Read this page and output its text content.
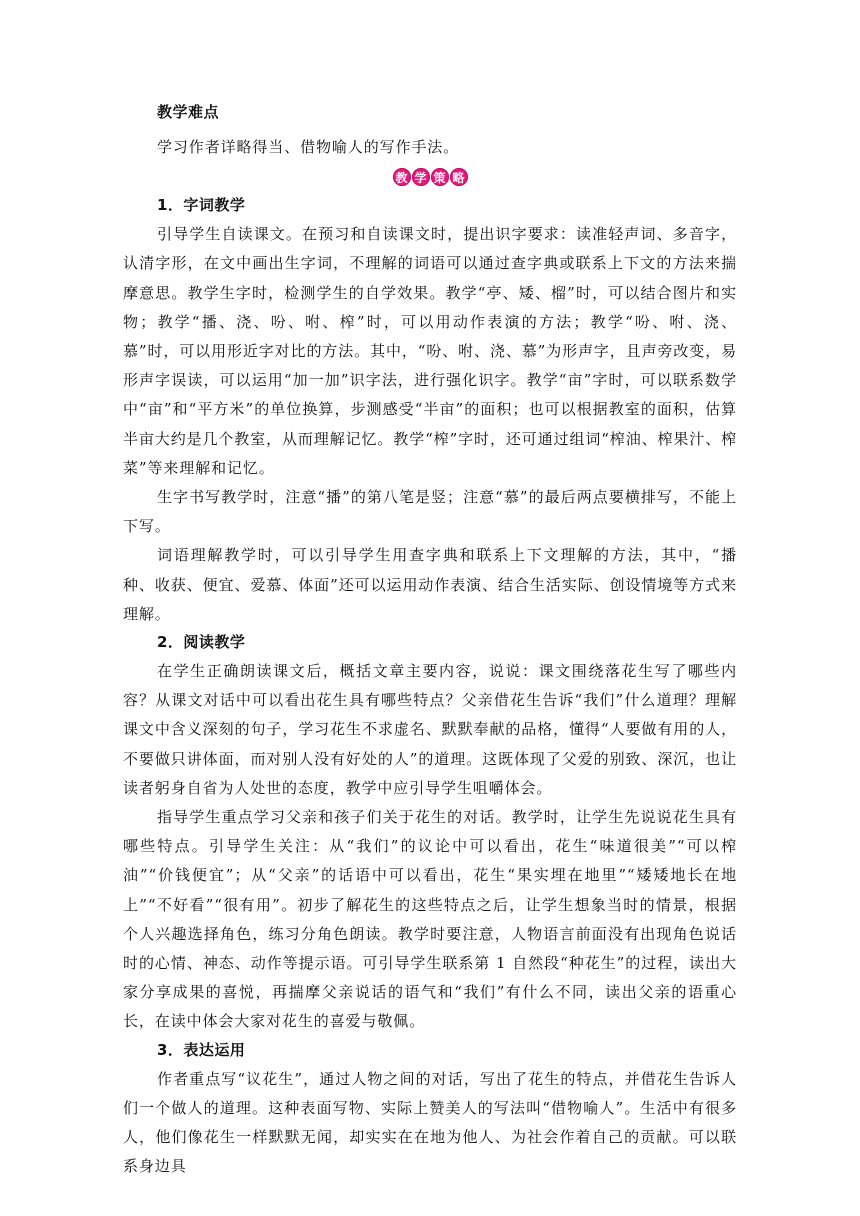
教学难点

学习作者详略得当、借物喻人的写作手法。

教 学 策 略
1．字词教学

引导学生自读课文。在预习和自读课文时，提出识字要求：读准轻声词、多音字，认清字形，在文中画出生字词，不理解的词语可以通过查字典或联系上下文的方法来揣摩意思。教学生字时，检测学生的自学效果。教学“亭、矮、榴”时，可以结合图片和实物；教学“播、浇、吩、咐、榨”时，可以用动作表演的方法；教学“吩、咐、浇、慕”时，可以用形近字对比的方法。其中，“吩、咐、浇、慕”为形声字，且声旁改变，易形声字误读，可以运用“加一加”识字法，进行强化识字。教学“亩”字时，可以联系数学中“亩”和“平方米”的单位换算，步测感受“半亩”的面积；也可以根据教室的面积，估算半亩大约是几个教室，从而理解记忆。教学“榨”字时，还可通过组词“榨油、榨果汁、榨菜”等来理解和记忆。

生字书写教学时，注意“播”的第八笔是竖；注意“慕”的最后两点要横排写，不能上下写。

词语理解教学时，可以引导学生用查字典和联系上下文理解的方法，其中，“播种、收获、便宜、爱慕、体面”还可以运用动作表演、结合生活实际、创设情境等方式来理解。

2．阅读教学

在学生正确朗读课文后，概括文章主要内容，说说：课文围绕落花生写了哪些内容？从课文对话中可以看出花生具有哪些特点？父亲借花生告诉“我们”什么道理？理解课文中含义深刻的句子，学习花生不求虚名、默默奉献的品格，懂得“人要做有用的人，不要做只讲体面，而对别人没有好处的人”的道理。这既体现了父爱的别致、深沉，也让读者躬身自省为人处世的态度，教学中应引导学生咀嚼体会。

指导学生重点学习父亲和孩子们关于花生的对话。教学时，让学生先说说花生具有哪些特点。引导学生关注：从“我们”的议论中可以看出，花生“味道很美”“可以榨油”“价钱便宜”；从“父亲”的话语中可以看出，花生“果实埋在地里”“矮矮地长在地上”“不好看”“很有用”。初步了解花生的这些特点之后，让学生想象当时的情景，根据个人兴趣选择角色，练习分角色朗读。教学时要注意，人物语言前面没有出现角色说话时的心情、神态、动作等提示语。可引导学生联系第 1 自然段“种花生”的过程，读出大家分享成果的喜悦，再揣摩父亲说话的语气和“我们”有什么不同，读出父亲的语重心长，在读中体会大家对花生的喜爱与敬佩。

3．表达运用

作者重点写“议花生”，通过人物之间的对话，写出了花生的特点，并借花生告诉人们一个做人的道理。这种表面写物、实际上赞美人的写法叫“借物喻人”。生活中有很多人，他们像花生一样默默无闻，却实实在在地为他人、为社会作着自己的贡献。可以联系身边具
